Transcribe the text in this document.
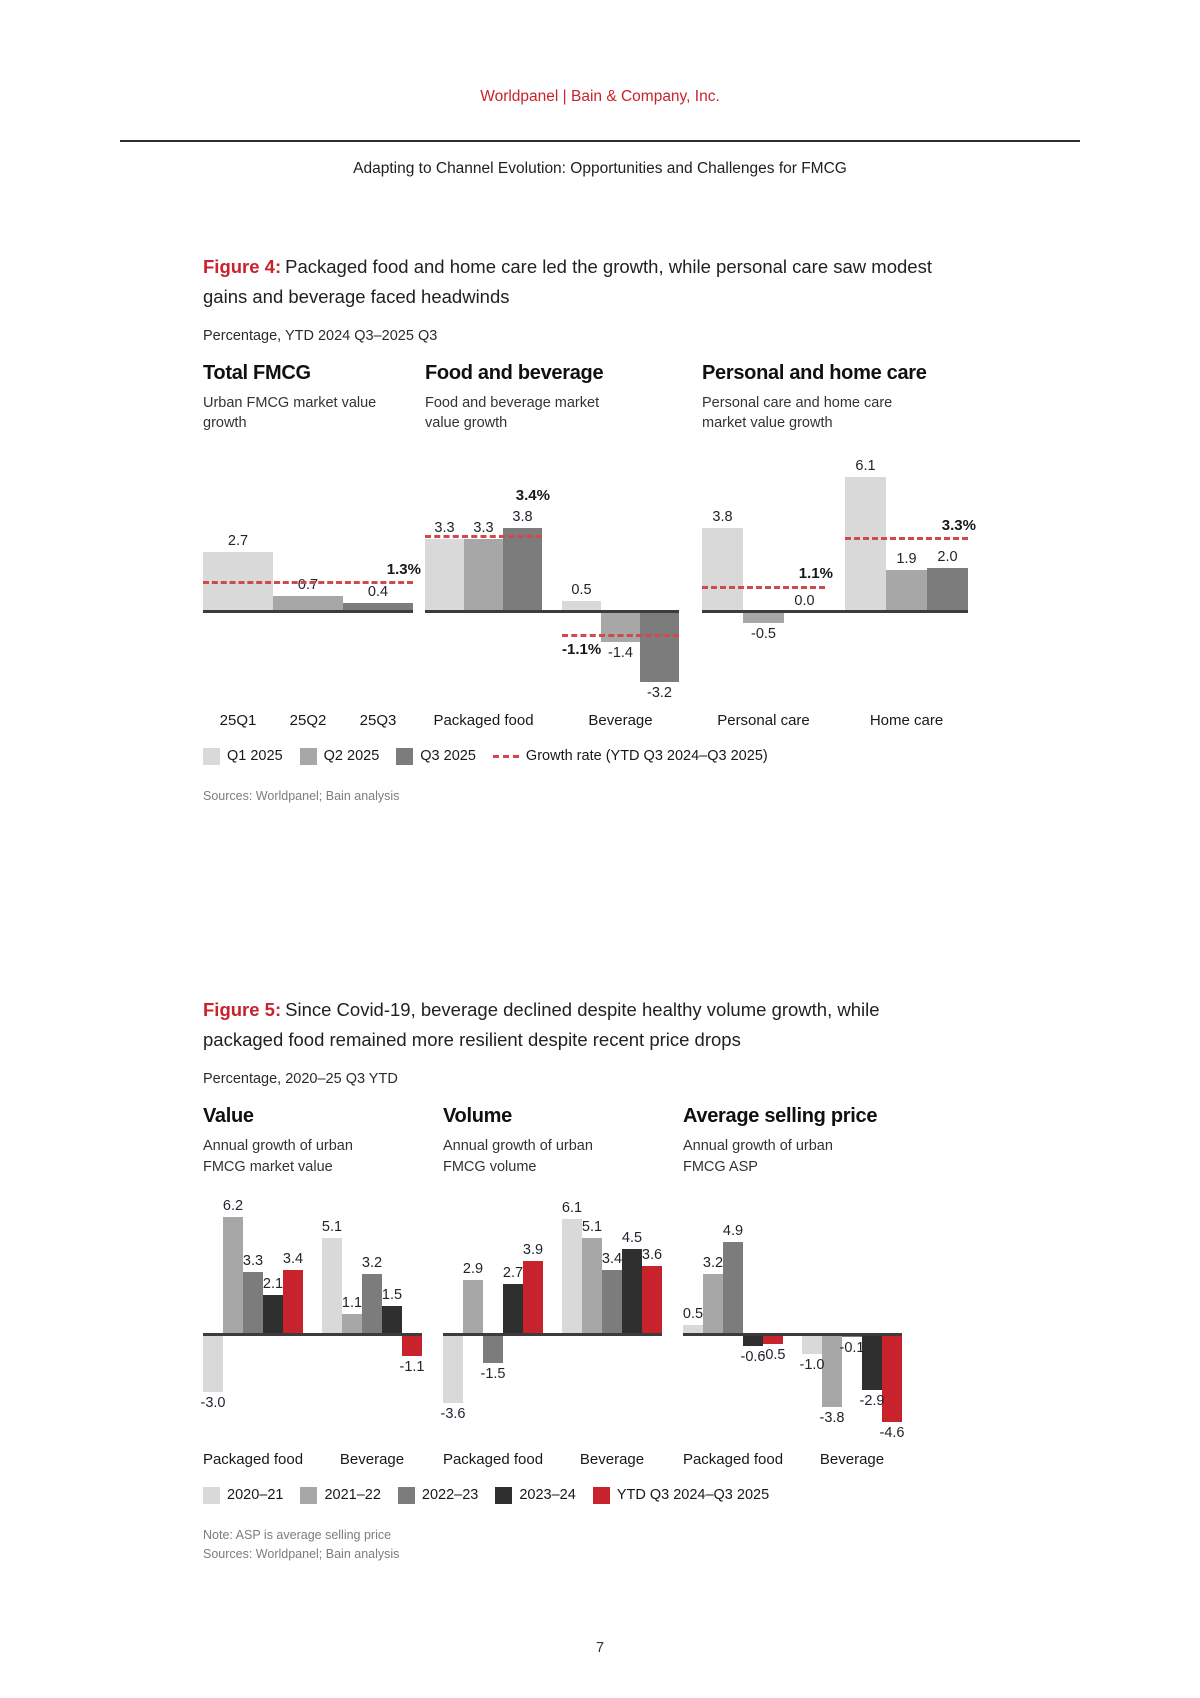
Worldpanel | Bain & Company, Inc.
Adapting to Channel Evolution: Opportunities and Challenges for FMCG
Figure 4: Packaged food and home care led the growth, while personal care saw modest gains and beverage faced headwinds
Percentage, YTD 2024 Q3–2025 Q3
Total FMCG
Urban FMCG market value growth
2.7
0.7	0.4
1.3%
25Q1 25Q2 25Q3
Food and beverage
Food and beverage market value growth
3.3 3.3
3.8
3.4%
0.5
-1.4
-3.2
-1.1%
Packaged food	Beverage
Personal and home care
Personal care and home care market value growth
3.8
-0.5
0.0
1.1%
6.1
1.9 2.0
3.3%
Personal care	Home care
Q1 2025	Q2 2025	Q3 2025	Growth rate (YTD Q3 2024–Q3 2025)
Sources: Worldpanel; Bain analysis
Figure 5: Since Covid-19, beverage declined despite healthy volume growth, while packaged food remained more resilient despite recent price drops
Percentage, 2020–25 Q3 YTD
Value
Annual growth of urban FMCG market value
-3.0
6.2
3.3
2.1
3.4
5.1
1.1
3.2
1.5
-1.1
Packaged food Beverage
Volume
Annual growth of urban FMCG volume
-3.6
2.9
-1.5
2.7
3.9
6.1
5.1
3.4
4.5
3.6
Packaged food Beverage
Average selling price
Annual growth of urban FMCG ASP
0.5
3.2
4.9
-0.6
-0.5
-1.0
-3.8
-0.1
-2.9
-4.6
Packaged food Beverage
2020–21	2021–22	2022–23	2023–24	YTD Q3 2024–Q3 2025
Note: ASP is average selling price
Sources: Worldpanel; Bain analysis
7
